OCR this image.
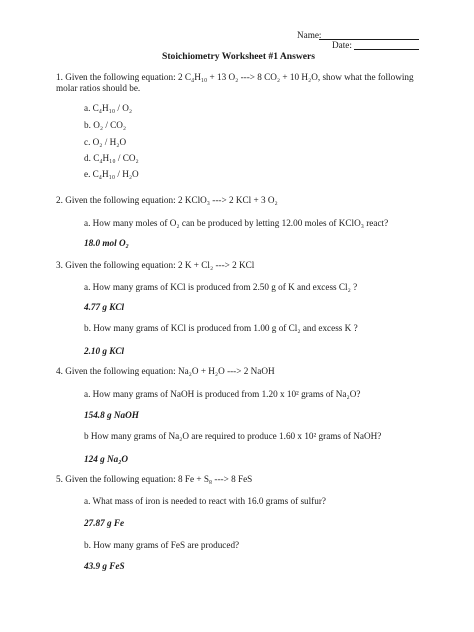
Name:
Date:
Stoichiometry Worksheet #1 Answers
1. Given the following equation: 2 C₄H₁₀ + 13 O₂ ---> 8 CO₂ + 10 H₂O, show what the following
molar ratios should be.
a. C₄H₁₀ / O₂
b. O₂ / CO₂
c. O₂ / H₂O
d. C₄H₁₀ / CO₂
e. C₄H₁₀ / H₂O
2. Given the following equation: 2 KClO₃ ---> 2 KCl + 3 O₂
a. How many moles of O₂ can be produced by letting 12.00 moles of KClO₃ react?
18.0 mol O₂
3. Given the following equation: 2 K + Cl₂ ---> 2 KCl
a. How many grams of KCl is produced from 2.50 g of K and excess Cl₂ ?
4.77 g KCl
b. How many grams of KCl is produced from 1.00 g of Cl₂ and excess K ?
2.10 g KCl
4. Given the following equation: Na₂O + H₂O ---> 2 NaOH
a. How many grams of NaOH is produced from 1.20 x 10² grams of Na₂O?
154.8 g NaOH
b How many grams of Na₂O are required to produce 1.60 x 10² grams of NaOH?
124 g Na₂O
5. Given the following equation: 8 Fe + S₈ ---> 8 FeS
a. What mass of iron is needed to react with 16.0 grams of sulfur?
27.87 g Fe
b. How many grams of FeS are produced?
43.9 g FeS
